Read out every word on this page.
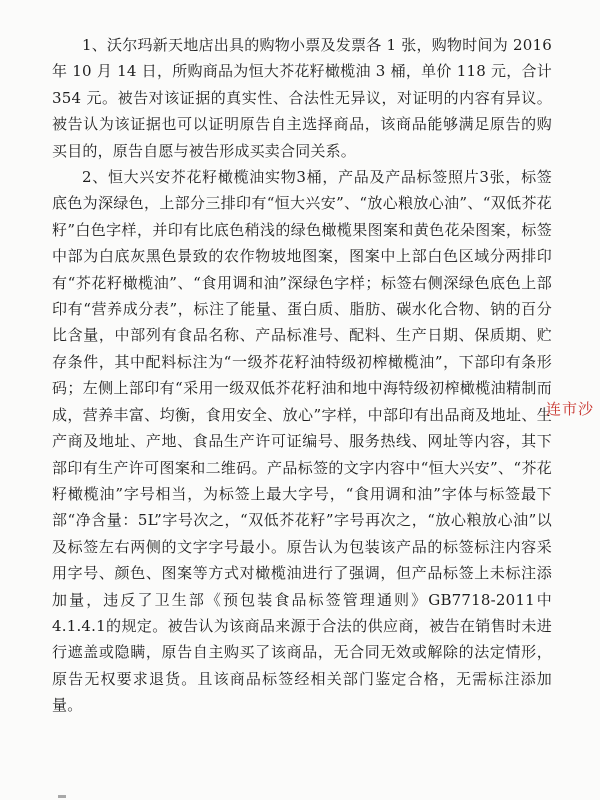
1、沃尔玛新天地店出具的购物小票及发票各 1 张，购物时间为 2016 年 10 月 14 日，所购商品为恒大芥花籽橄榄油 3 桶，单价 118 元，合计 354 元。被告对该证据的真实性、合法性无异议，对证明的内容有异议。被告认为该证据也可以证明原告自主选择商品，该商品能够满足原告的购买目的，原告自愿与被告形成买卖合同关系。

2、恒大兴安芥花籽橄榄油实物3桶，产品及产品标签照片3张，标签底色为深绿色，上部分三排印有“恒大兴安”、“放心粮放心油”、“双低芥花籽”白色字样，并印有比底色稍浅的绿色橄榄果图案和黄色花朵图案，标签中部为白底灰黑色景致的农作物坡地图案，图案中上部白色区域分两排印有“芥花籽橄榄油”、“食用调和油”深绿色字样；标签右侧深绿色底色上部印有“营养成分表”，标注了能量、蛋白质、脂肪、碳水化合物、钠的百分比含量，中部列有食品名称、产品标准号、配料、生产日期、保质期、贮存条件，其中配料标注为“一级芥花籽油特级初榨橄榄油”，下部印有条形码；左侧上部印有“采用一级双低芥花籽油和地中海特级初榨橄榄油精制而成，营养丰富、均衡，食用安全、放心”字样，中部印有出品商及地址、生产商及地址、产地、食品生产许可证编号、服务热线、网址等内容，其下部印有生产许可图案和二维码。产品标签的文字内容中“恒大兴安”、“芥花籽橄榄油”字号相当，为标签上最大字号，“食用调和油”字体与标签最下部“净含量：5L”字号次之，“双低芥花籽”字号再次之，“放心粮放心油”以及标签左右两侧的文字字号最小。原告认为包装该产品的标签标注内容采用字号、颜色、图案等方式对橄榄油进行了强调，但产品标签上未标注添加量，违反了卫生部《预包装食品标签管理通则》GB7718-2011中4.1.4.1的规定。被告认为该商品来源于合法的供应商，被告在销售时未进行遮盖或隐瞒，原告自主购买了该商品，无合同无效或解除的法定情形，原告无权要求退货。且该商品标签经相关部门鉴定合格，无需标注添加量。

连市沙
